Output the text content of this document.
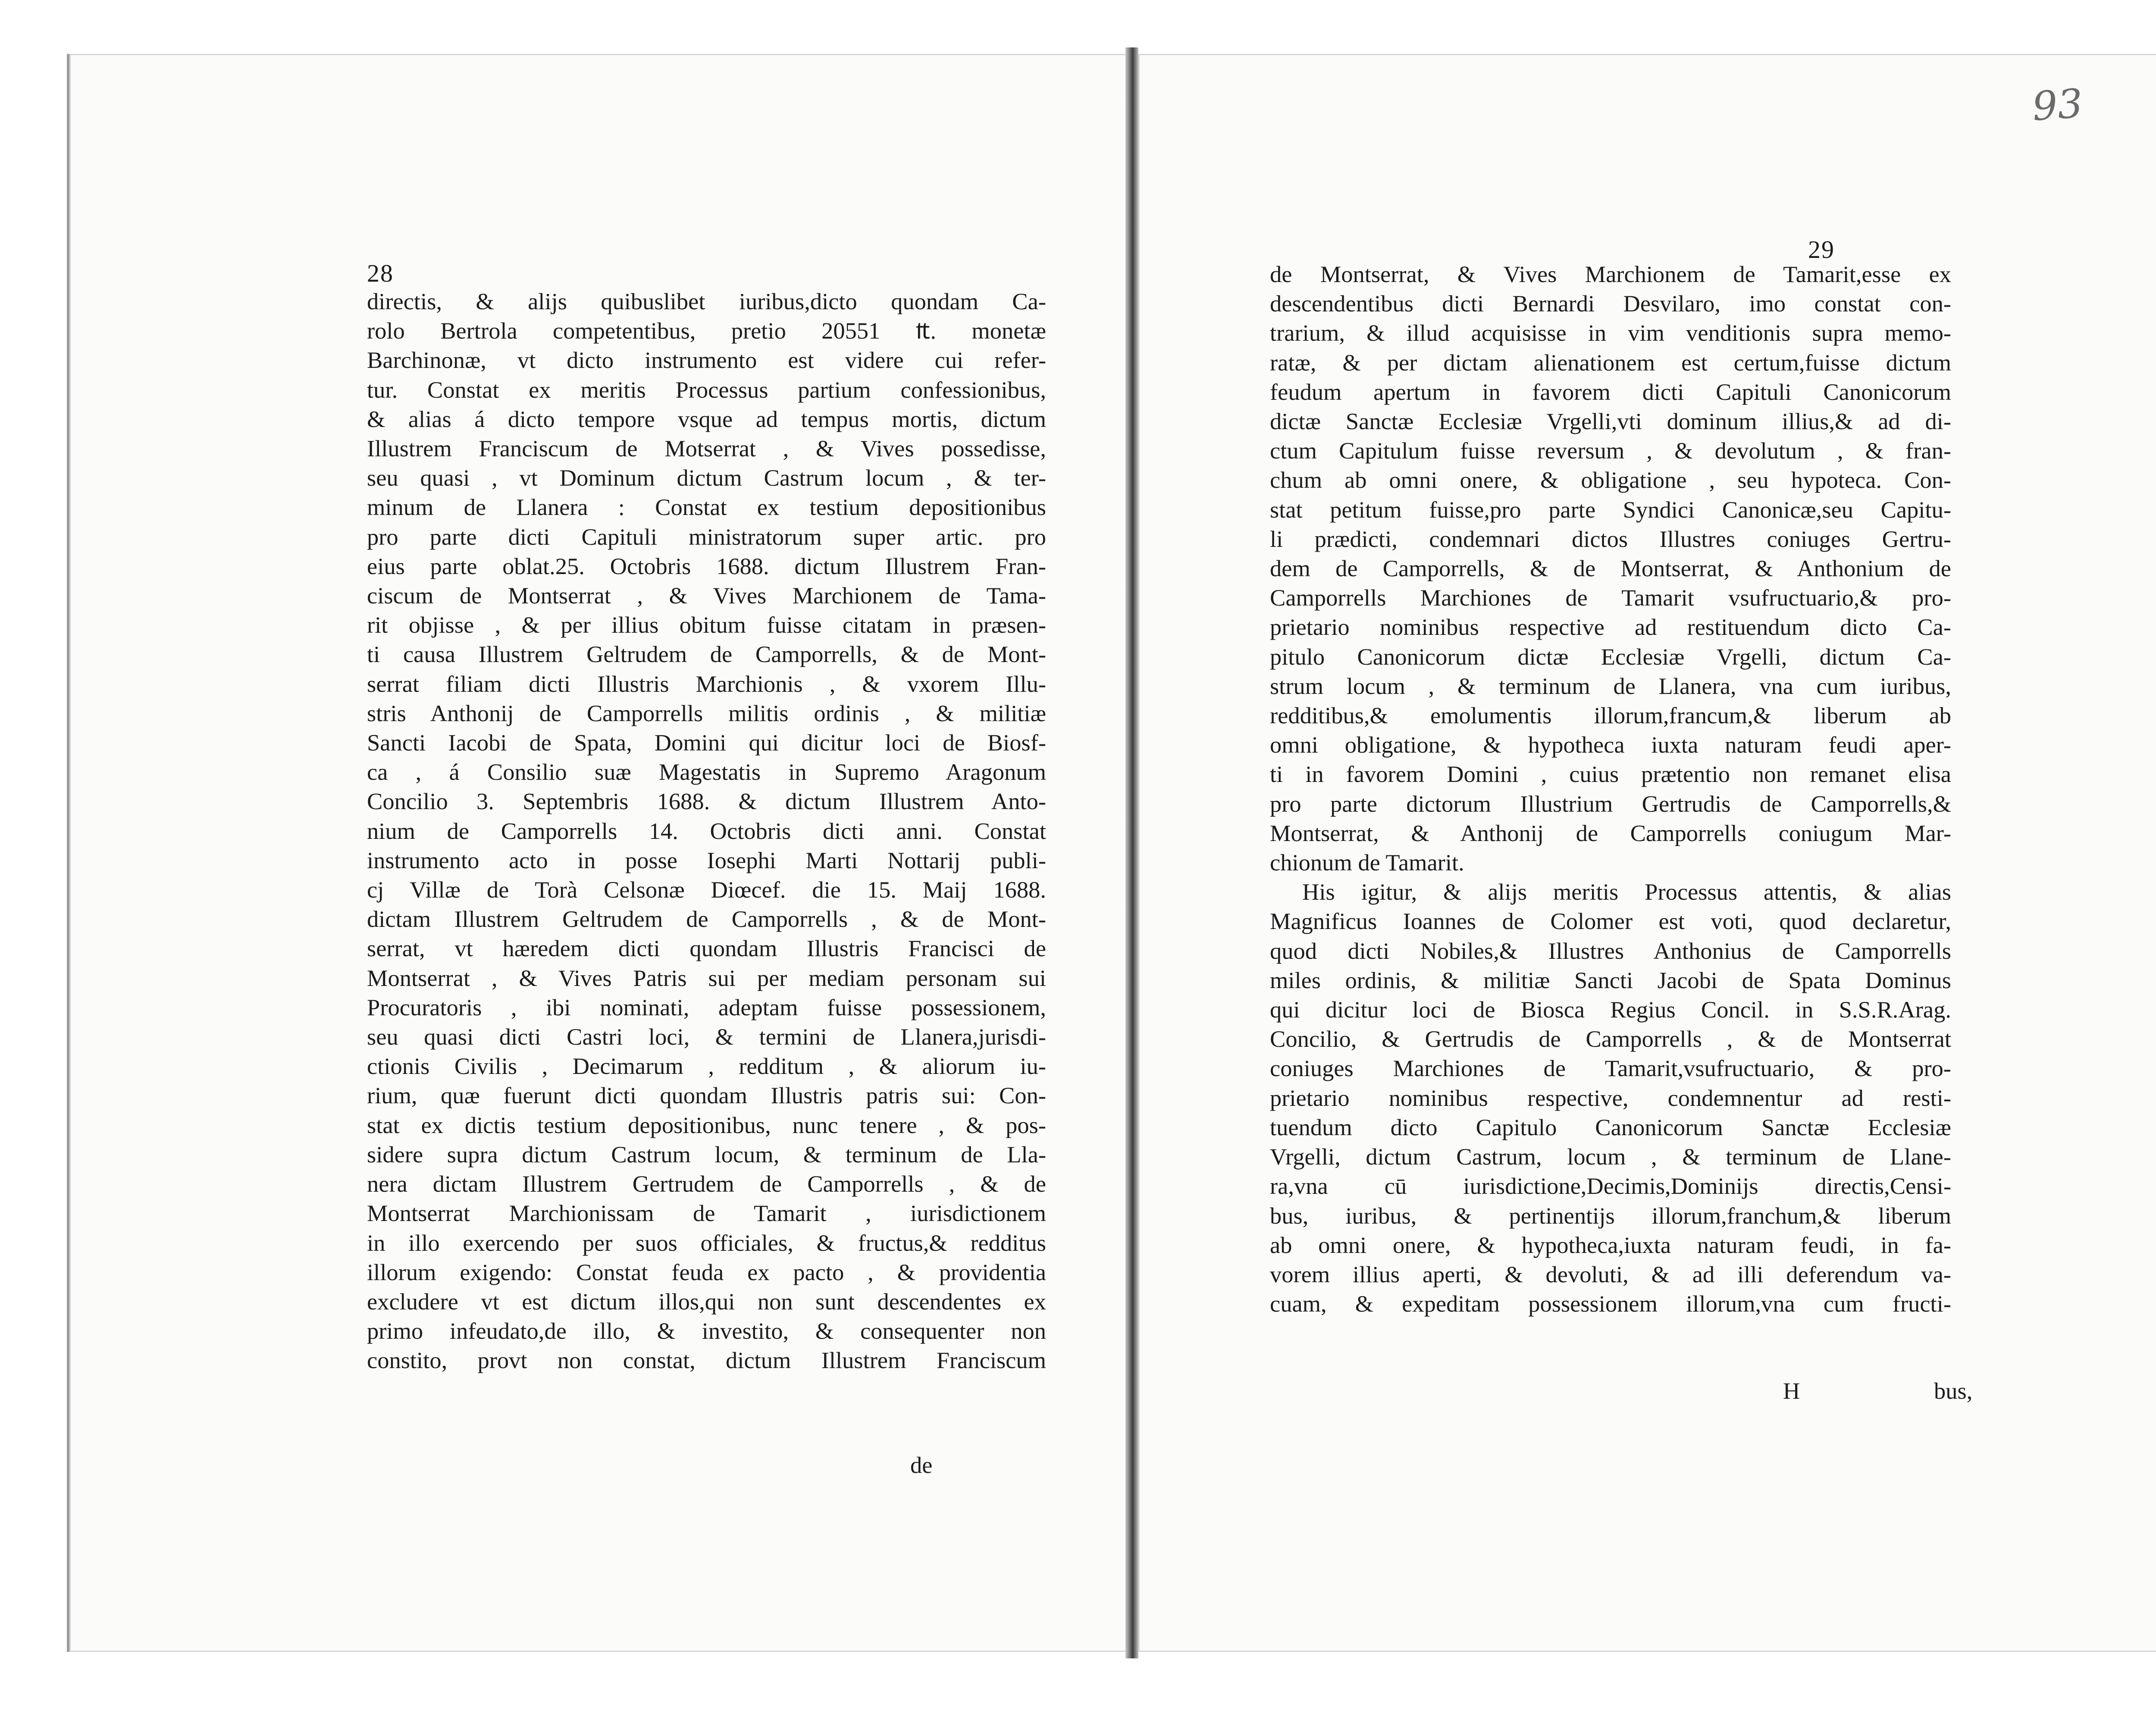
28
directis, & alijs quibuslibet iuribus,dicto quondam Ca-
rolo Bertrola competentibus, pretio 20551 ₶. monetæ
Barchinonæ, vt dicto instrumento est videre cui refer-
tur. Constat ex meritis Processus partium confessionibus,
& alias á dicto tempore vsque ad tempus mortis, dictum
Illustrem Franciscum de Motserrat , & Vives possedisse,
seu quasi , vt Dominum dictum Castrum locum , & ter-
minum de Llanera : Constat ex testium depositionibus
pro parte dicti Capituli ministratorum super artic. pro
eius parte oblat.25. Octobris 1688. dictum Illustrem Fran-
ciscum de Montserrat , & Vives Marchionem de Tama-
rit objisse , & per illius obitum fuisse citatam in præsen-
ti causa Illustrem Geltrudem de Camporrells, & de Mont-
serrat filiam dicti Illustris Marchionis , & vxorem Illu-
stris Anthonij de Camporrells militis ordinis , & militiæ
Sancti Iacobi de Spata, Domini qui dicitur loci de Biosf-
ca , á Consilio suæ Magestatis in Supremo Aragonum
Concilio 3. Septembris 1688. & dictum Illustrem Anto-
nium de Camporrells 14. Octobris dicti anni. Constat
instrumento acto in posse Iosephi Marti Nottarij publi-
cj Villæ de Torà Celsonæ Diœcef. die 15. Maij 1688.
dictam Illustrem Geltrudem de Camporrells , & de Mont-
serrat, vt hæredem dicti quondam Illustris Francisci de
Montserrat , & Vives Patris sui per mediam personam sui
Procuratoris , ibi nominati, adeptam fuisse possessionem,
seu quasi dicti Castri loci, & termini de Llanera,jurisdi-
ctionis Civilis , Decimarum , redditum , & aliorum iu-
rium, quæ fuerunt dicti quondam Illustris patris sui: Con-
stat ex dictis testium depositionibus, nunc tenere , & pos-
sidere supra dictum Castrum locum, & terminum de Lla-
nera dictam Illustrem Gertrudem de Camporrells , & de
Montserrat Marchionissam de Tamarit , iurisdictionem
in illo exercendo per suos officiales, & fructus,& redditus
illorum exigendo: Constat feuda ex pacto , & providentia
excludere vt est dictum illos,qui non sunt descendentes ex
primo infeudato,de illo, & investito, & consequenter non
constito, provt non constat, dictum Illustrem Franciscum
de
93
29
de Montserrat, & Vives Marchionem de Tamarit,esse ex
descendentibus dicti Bernardi Desvilaro, imo constat con-
trarium, & illud acquisisse in vim venditionis supra memo-
ratæ, & per dictam alienationem est certum,fuisse dictum
feudum apertum in favorem dicti Capituli Canonicorum
dictæ Sanctæ Ecclesiæ Vrgelli,vti dominum illius,& ad di-
ctum Capitulum fuisse reversum , & devolutum , & fran-
chum ab omni onere, & obligatione , seu hypoteca. Con-
stat petitum fuisse,pro parte Syndici Canonicæ,seu Capitu-
li prædicti, condemnari dictos Illustres coniuges Gertru-
dem de Camporrells, & de Montserrat, & Anthonium de
Camporrells Marchiones de Tamarit vsufructuario,& pro-
prietario nominibus respective ad restituendum dicto Ca-
pitulo Canonicorum dictæ Ecclesiæ Vrgelli, dictum Ca-
strum locum , & terminum de Llanera, vna cum iuribus,
redditibus,& emolumentis illorum,francum,& liberum ab
omni obligatione, & hypotheca iuxta naturam feudi aper-
ti in favorem Domini , cuius prætentio non remanet elisa
pro parte dictorum Illustrium Gertrudis de Camporrells,&
Montserrat, & Anthonij de Camporrells coniugum Mar-
chionum de Tamarit.
His igitur, & alijs meritis Processus attentis, & alias
Magnificus Ioannes de Colomer est voti, quod declaretur,
quod dicti Nobiles,& Illustres Anthonius de Camporrells
miles ordinis, & militiæ Sancti Jacobi de Spata Dominus
qui dicitur loci de Biosca Regius Concil. in S.S.R.Arag.
Concilio, & Gertrudis de Camporrells , & de Montserrat
coniuges Marchiones de Tamarit,vsufructuario, & pro-
prietario nominibus respective, condemnentur ad resti-
tuendum dicto Capitulo Canonicorum Sanctæ Ecclesiæ
Vrgelli, dictum Castrum, locum , & terminum de Llane-
ra,vna cū iurisdictione,Decimis,Dominijs directis,Censi-
bus, iuribus, & pertinentijs illorum,franchum,& liberum
ab omni onere, & hypotheca,iuxta naturam feudi, in fa-
vorem illius aperti, & devoluti, & ad illi deferendum va-
cuam, & expeditam possessionem illorum,vna cum fructi-
H	bus,
